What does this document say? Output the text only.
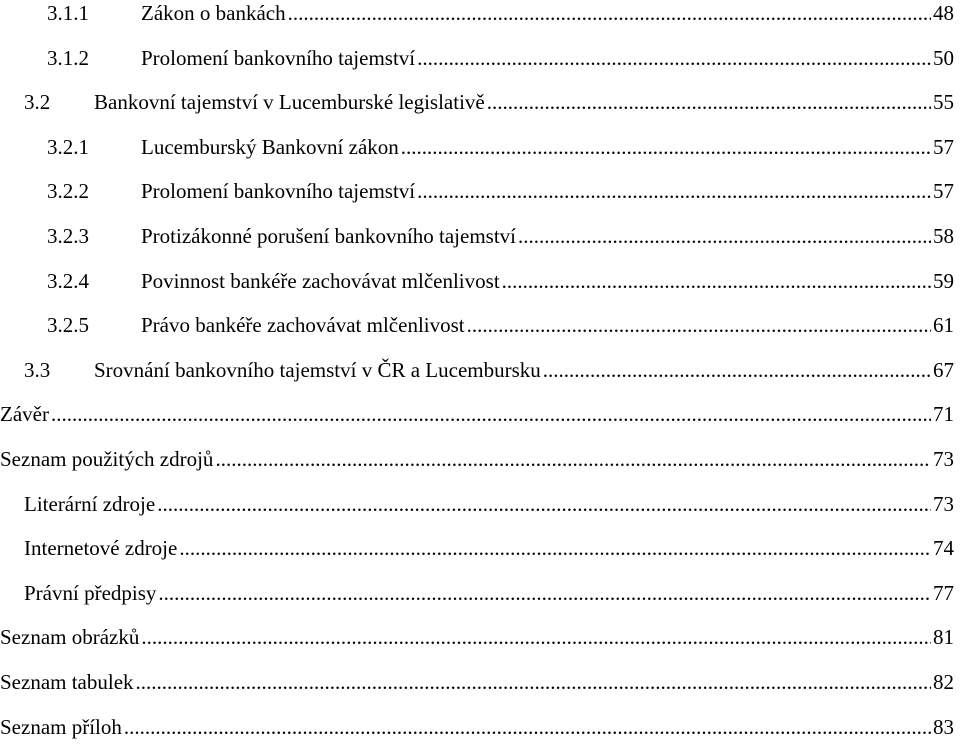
3.1.1	Zákon o bankách .....	48
3.1.2	Prolomení bankovního tajemství .....	50
3.2	Bankovní tajemství v Lucemburské legislativě .....	55
3.2.1	Lucemburský Bankovní zákon .....	57
3.2.2	Prolomení bankovního tajemství .....	57
3.2.3	Protizákonné porušení bankovního tajemství .....	58
3.2.4	Povinnost bankéře zachovávat mlčenlivost .....	59
3.2.5	Právo bankéře zachovávat mlčenlivost .....	61
3.3	Srovnání bankovního tajemství v ČR a Lucembursku .....	67
Závěr .....	71
Seznam použitých zdrojů .....	73
Literární zdroje .....	73
Internetové zdroje .....	74
Právní předpisy .....	77
Seznam obrázků .....	81
Seznam tabulek .....	82
Seznam příloh .....	83
